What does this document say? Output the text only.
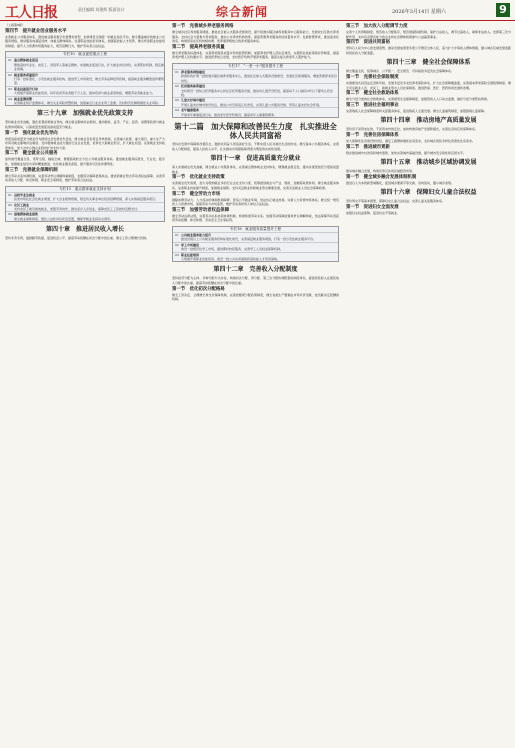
工人日报	责任编辑 刘建辉 版面设计	综合新闻	2026年3月14日 星期六	9

（上接第8版）

第四节　提升就业创业服务水平

完善就业公共服务体系，推进就业服务数字化智慧化转型，加快建设全国统一的就业信息平台，健全覆盖城乡的就业公共服务网络，推动服务向基层延伸、向重点群体倾斜。完善职业技能培训体系，加强高技能人才培养，健全终身职业技能培训制度。提升人力资源市场服务能力，规范招聘行为，维护劳动者合法权益。

专栏10　就业促进重点工程
01 重点群体就业促进

聚焦高校毕业生、农民工、退役军人等重点群体，实施就业促进行动，扩大就业岗位供给，完善帮扶机制，稳定就业规模。

02 就业服务质量提升

打造一批标准化、示范性就业服务机构，推进零工市场建设，健全劳务品牌培育机制，提高就业服务精准度和便利度。

03 职业技能提升行动

大规模开展职业技能培训，每年培训劳动者数千万人次，推动培训与就业深度衔接，增强劳动者就业能力。

04 就业监测预警

完善就业统计监测体系，健全失业风险预警机制，加强重点行业企业用工监测，及时防范化解规模性失业风险。

第三十九章　加强就业优先政策支持

坚持就业优先战略，强化宏观政策就业导向，健全就业影响评估机制，推动财政、货币、产业、投资、消费等政策与就业政策协同联动，以高质量发展促进高质量充分就业。

第一节　强化就业优先导向

把促进高质量充分就业作为经济社会发展优先目标，健全就业目标责任考核机制，完善重大政策、重大项目、重大生产力布局对就业影响评估制度。支持吸纳就业能力强的行业企业发展，培育壮大新就业形态，扩大就业容量。完善就业支持政策体系，加大对中小微企业稳岗扩岗支持力度。

第二节　健全就业公共服务

加快建设覆盖全民、贯穿全程、辐射全域、便捷高效的全方位公共就业服务体系。推进就业服务标准化、专业化、数字化，加强就业信息共享和精准推送，优化就业服务流程，提升服务可及性和便利性。

第三节　完善就业保障机制

健全劳动关系协调机制，完善劳动争议调解仲裁制度，加强劳动保障监察执法。推进新就业形态劳动者权益保障，完善劳动者收入分配、休息休假、职业安全等制度，维护劳动者合法权益。

专栏11　重点群体就业支持计划
01 高校毕业生就业

拓宽市场化社会化就业渠道，扩大企业吸纳规模，稳定机关事业单位招录招聘规模，深入实施基层服务项目。

02 农民工就业

支持农民工就近就地就业，加强劳务协作，推动返乡入乡创业，保障农民工工资按时足额支付。

03 困难群体就业援助

健全就业援助制度，强化公益性岗位托底安置，确保零就业家庭动态清零。

第四十章　推进居民收入增长

坚持多劳多得，鼓励勤劳致富，促进机会公平，提高劳动报酬在初次分配中的比重，健全工资合理增长机制。

第一节　完善城乡养老服务网络

健全城乡社区养老服务网络，推进社区嵌入式服务设施建设，提升街道乡镇区域养老服务中心服务能力，发展农村互助式养老服务。支持社会力量参与养老服务，推动公办养老机构改革，提高普惠养老服务供给质量和水平。发展智慧养老，推进适老化改造，构建居家社区机构相协调、医养康养相结合的养老服务体系。

第二节　提高养老服务质量

健全养老服务标准体系，完善养老服务质量评价和监管机制。加强养老护理人员队伍建设，完善职业技能等级评价制度，提高养老护理人员待遇水平。推进医养结合发展，支持医疗机构开展养老服务，提高失能失智老年人照护能力。

专栏17　“一老一小”服务提升工程
01 养老服务网络建设

新建和改扩建一批街道乡镇区域养老服务中心，推进社区嵌入式服务设施建设，发展社区助餐服务，增加普惠养老床位供给。

02 托育服务体系建设

支持建设一批综合托育服务中心和社区托育服务设施，推动幼儿园开设托班，提高每千人口拥有3岁以下婴幼儿托位数。

03 儿童友好城市建设

开展儿童友好城市建设试点，推进公共空间适儿化改造，完善儿童公共服务设施，营造儿童友好社会环境。

04 老年健康服务

开展老年健康促进行动，推进老年医学科建设，提高老年人健康管理率。

第十二篇　加大保障和改善民生力度　扎实推进全体人民共同富裕

坚持在发展中保障和改善民生，鼓励共同奋斗创造美好生活，不断实现人民对美好生活的向往。健全基本公共服务体系，完善收入分配制度，提高人民收入水平，扎实推动共同富裕取得更为明显的实质性进展。

第四十一章　促进高质量充分就业

深入实施就业优先战略，健全就业公共服务体系，完善重点群体就业支持体系，增强就业稳定性，推动实现更加充分更高质量就业。

第一节　优化就业支持政策

完善就业优先政策，加大对吸纳就业多的行业企业支持力度，统筹推进就业与产业、财政、金融等政策协同。健全就业服务体系，完善职业技能提升制度，加强就业援助。支持灵活就业和新就业形态健康发展，完善灵活就业人员社会保障政策。

第二节　健全劳动力市场

破除妨碍劳动力、人才流动的体制机制障碍，营造公平就业环境，依法纠正就业歧视。完善人力资源市场体系，健全统一规范的人力资源市场，加强劳动力市场监管，维护劳动者和用人单位合法权益。

第三节　加强劳动者权益保障

健全劳动法律法规，完善劳动关系协商协调机制，构建和谐劳动关系。加强劳动保障监察和争议调解仲裁，依法保障劳动者获得劳动报酬、休息休假、劳动安全卫生等权利。

专栏18　就业服务质量提升工程
01 公共就业服务能力提升

推进县级以上公共就业服务机构标准化建设，完善基层就业服务网络，打造一批示范性就业服务平台。

02 零工市场建设

建设一批规范化零工市场，提供即时快招服务，完善零工人员权益保障机制。

03 职业技能培训

大规模开展职业技能培训，建设一批公共实训基地和高技能人才培训基地。

第四十二章　完善收入分配制度

坚持按劳分配为主体、多种分配方式并存，构建初次分配、再分配、第三次分配协调配套的制度体系，提高居民收入在国民收入分配中的比重，提高劳动报酬在初次分配中的比重。

第一节　优化初次分配格局

健全工资决定、合理增长和支付保障机制，完善按要素分配政策制度，健全各类生产要素由市场评价贡献、按贡献决定报酬的机制。

第三节　加大收入分配调节力度

完善个人所得税制度，规范收入分配秩序，规范财富积累机制，保护合法收入，调节过高收入，取缔非法收入。发挥第三次分配作用，支持有意愿有能力的企业和社会群体积极参与公益慈善事业。

第四节　促进共同富裕

坚持以人民为中心的发展思想，推动发展成果更多更公平惠及全体人民，着力扩大中等收入群体规模，缩小城乡区域发展差距和居民收入分配差距。

第四十三章　健全社会保障体系

健全覆盖全民、统筹城乡、公平统一、安全规范、可持续的多层次社会保障体系。

第一节　完善社会保险制度

实施渐进式延迟法定退休年龄，发展多层次多支柱养老保险体系，扩大社会保障覆盖面，完善基本养老保险全国统筹制度。健全灵活就业人员、农民工、新就业形态人员社保制度。推进医保、医疗、医药协同发展和治理。

第二节　健全社会救助体系

健全分层分类的社会救助体系，完善最低生活保障制度，加强低收入人口动态监测，做好分层分类帮扶救助。

第三节　推进社会福利事业

完善残疾人社会保障制度和关爱服务体系，促进残疾人全面发展。健全儿童福利制度，加强困境儿童保障。

第四十四章　推动房地产高质量发展

坚持房子是用来住的、不是用来炒的定位，加快构建房地产发展新模式，完善住房供应和保障体系。

第一节　完善住房保障体系

加大保障性住房建设和供给，满足工薪群体刚性住房需求，支持城乡居民多样化改善性住房需求。

第二节　推进城市更新

稳步推进城中村改造和城市更新，加快完善城市基础设施，提升城市安全韧性和宜居水平。

第四十五章　推动城乡区域协调发展

推动城乡融合发展，构建优势互补的区域经济布局。

第一节　健全城乡融合发展体制机制

推进以人为本的新型城镇化，促进城乡要素平等交换、双向流动，缩小城乡差别。

第四十六章　保障妇女儿童合法权益

坚持男女平等基本国策，保障妇女儿童合法权益，完善儿童关爱服务体系。

第一节　促进妇女全面发展

加强妇女权益保障，促进妇女平等就业。
